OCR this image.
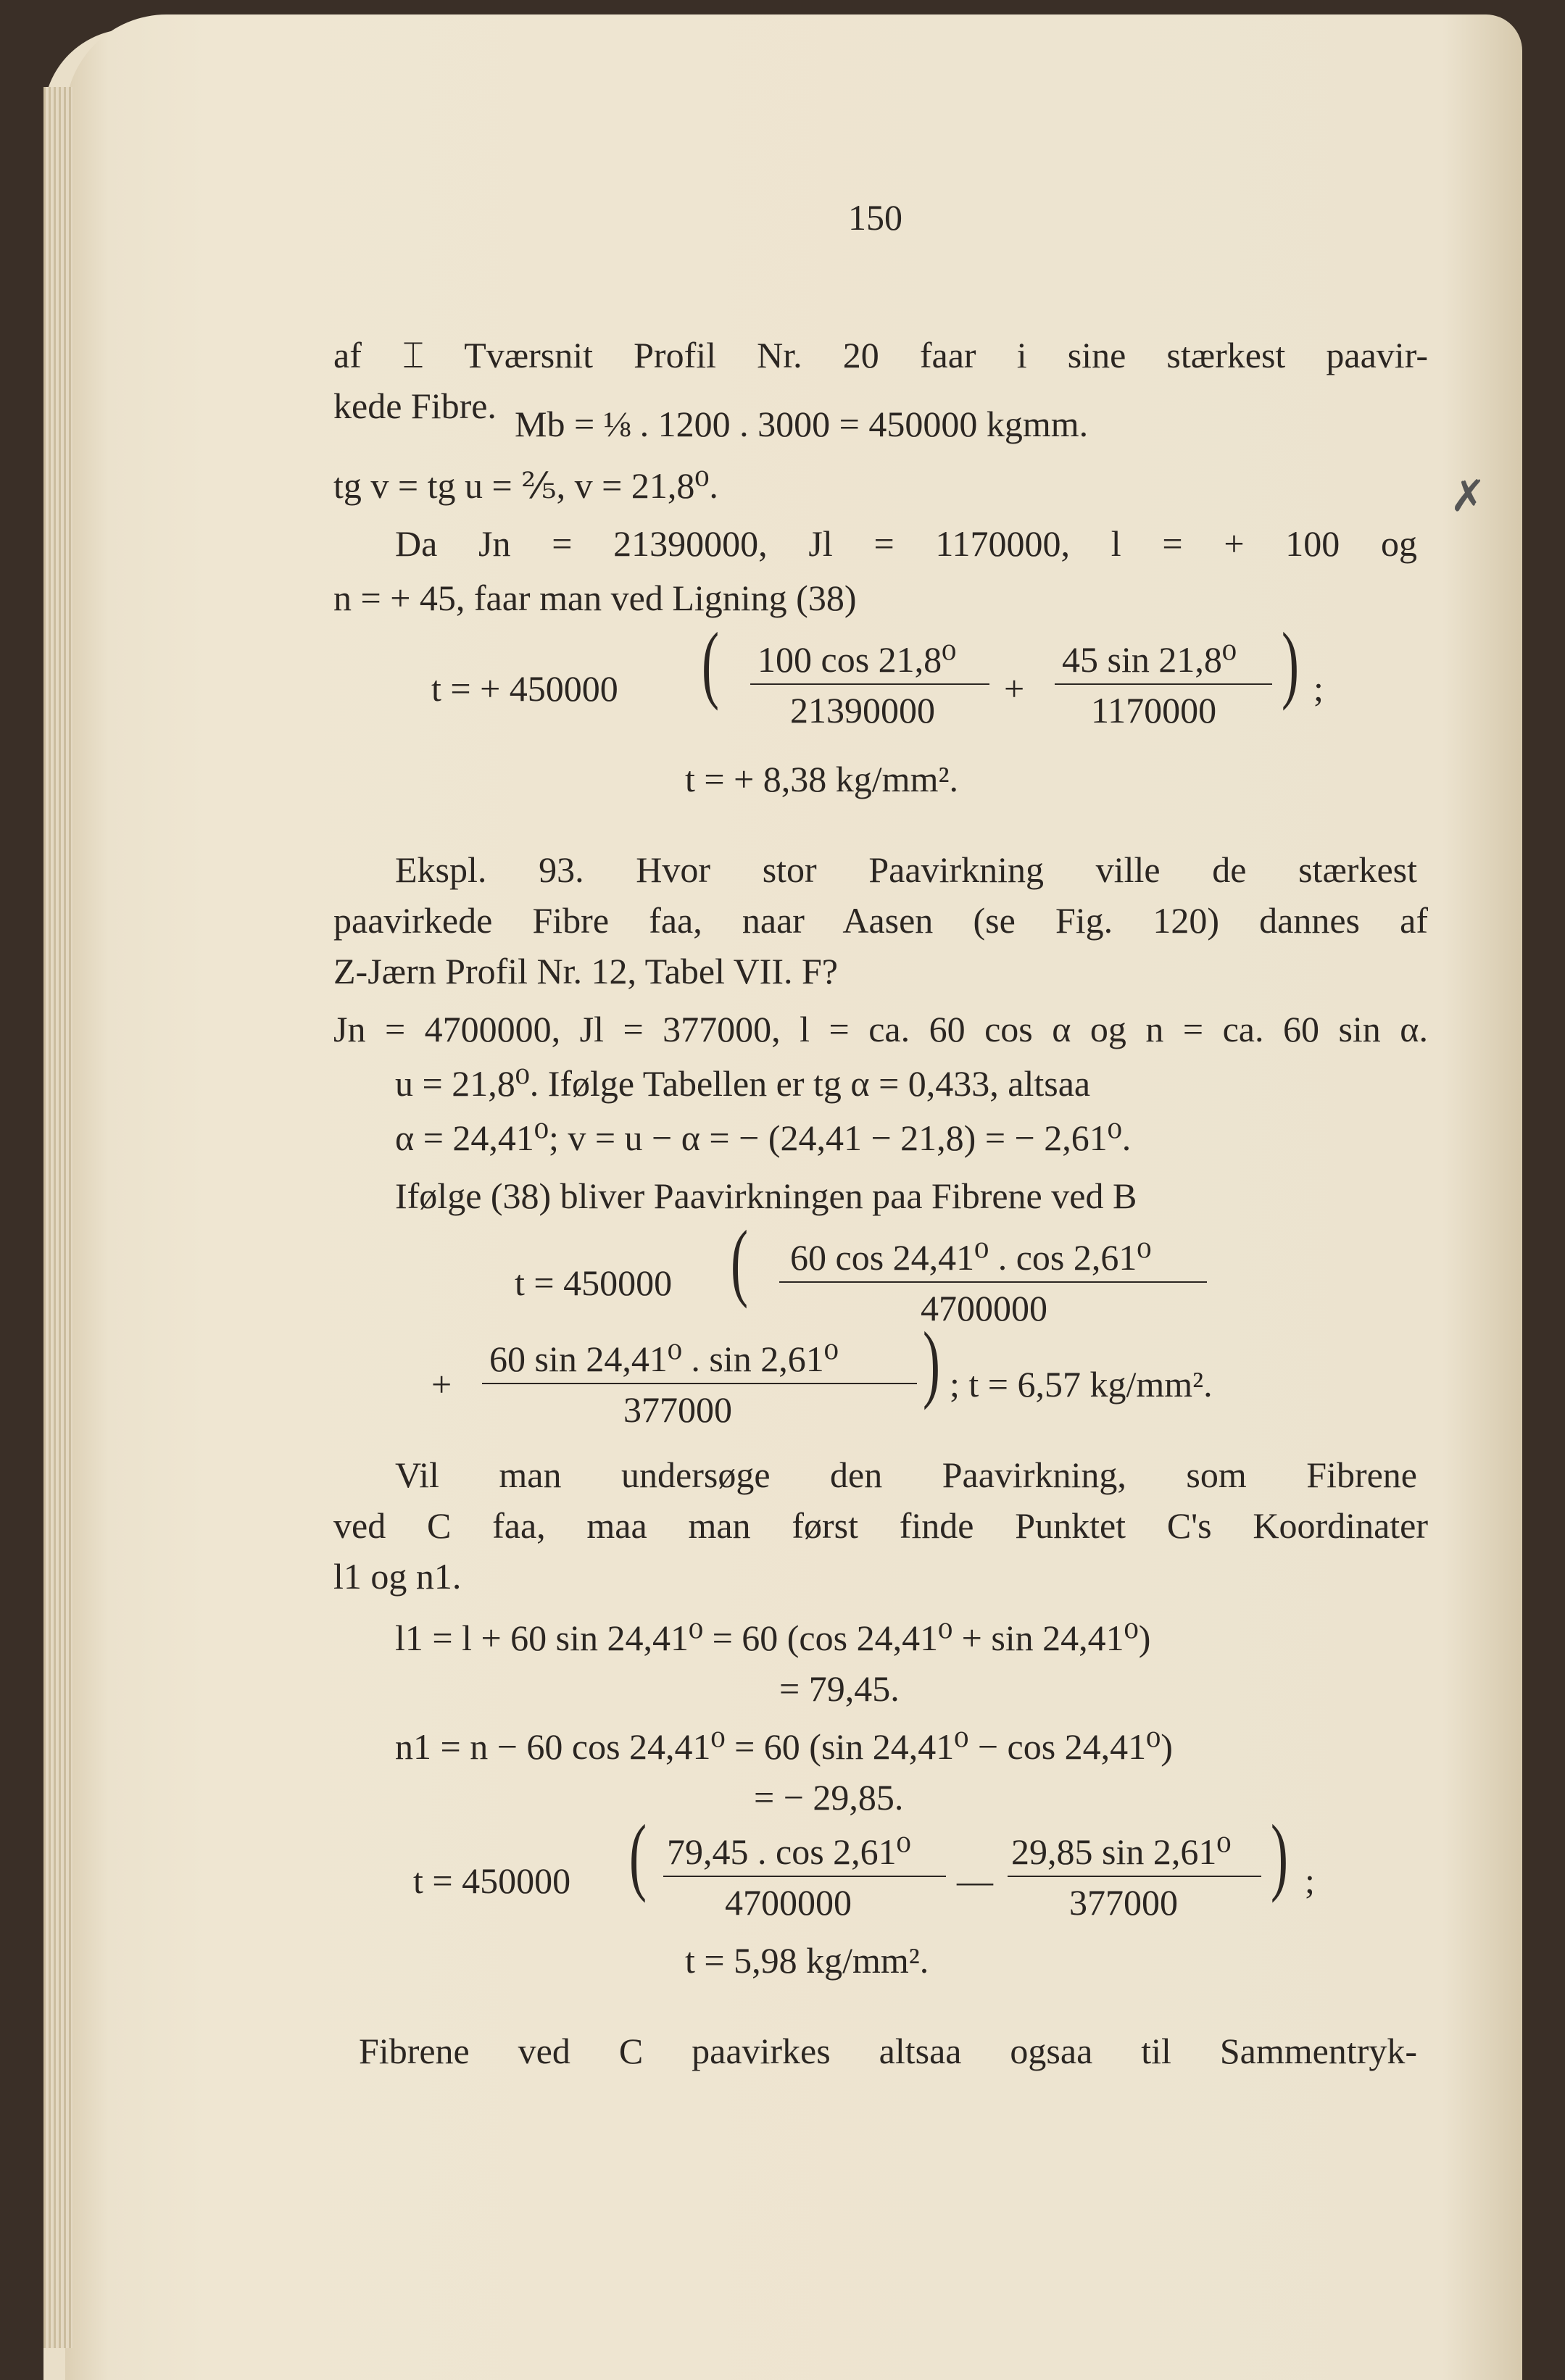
150
af ⌶ Tværsnit Profil Nr. 20 faar i sine stærkest paavir-
kede Fibre. Mb = ⅛ . 1200 . 3000 = 450000 kgmm.
tg v = tg u = ⅖, v = 21,8⁰.
Da Jn = 21390000, Jl = 1170000, l = + 100 og
n = + 45, faar man ved Ligning (38)
t = + 450000 ( 100 cos 21,8⁰
21390000
+
45 sin 21,8⁰
1170000 ) ;
t = + 8,38 kg/mm².
Ekspl. 93. Hvor stor Paavirkning ville de stærkest
paavirkede Fibre faa, naar Aasen (se Fig. 120) dannes af
Z-Jærn Profil Nr. 12, Tabel VII. F?
Jn = 4700000, Jl = 377000, l = ca. 60 cos α og n = ca. 60 sin α.
u = 21,8⁰. Ifølge Tabellen er tg α = 0,433, altsaa
α = 24,41⁰; v = u − α = − (24,41 − 21,8) = − 2,61⁰.
Ifølge (38) bliver Paavirkningen paa Fibrene ved B
t = 450000 ( 60 cos 24,41⁰ . cos 2,61⁰
4700000
+
60 sin 24,41⁰ . sin 2,61⁰
377000 ) ; t = 6,57 kg/mm².
Vil man undersøge den Paavirkning, som Fibrene
ved C faa, maa man først finde Punktet C's Koordinater
l1 og n1.
l1 = l + 60 sin 24,41⁰ = 60 (cos 24,41⁰ + sin 24,41⁰)
= 79,45.
n1 = n − 60 cos 24,41⁰ = 60 (sin 24,41⁰ − cos 24,41⁰)
= − 29,85.
t = 450000 ( 79,45 . cos 2,61⁰
4700000
—
29,85 sin 2,61⁰
377000 ) ;
t = 5,98 kg/mm².
Fibrene ved C paavirkes altsaa ogsaa til Sammentryk-
✗
